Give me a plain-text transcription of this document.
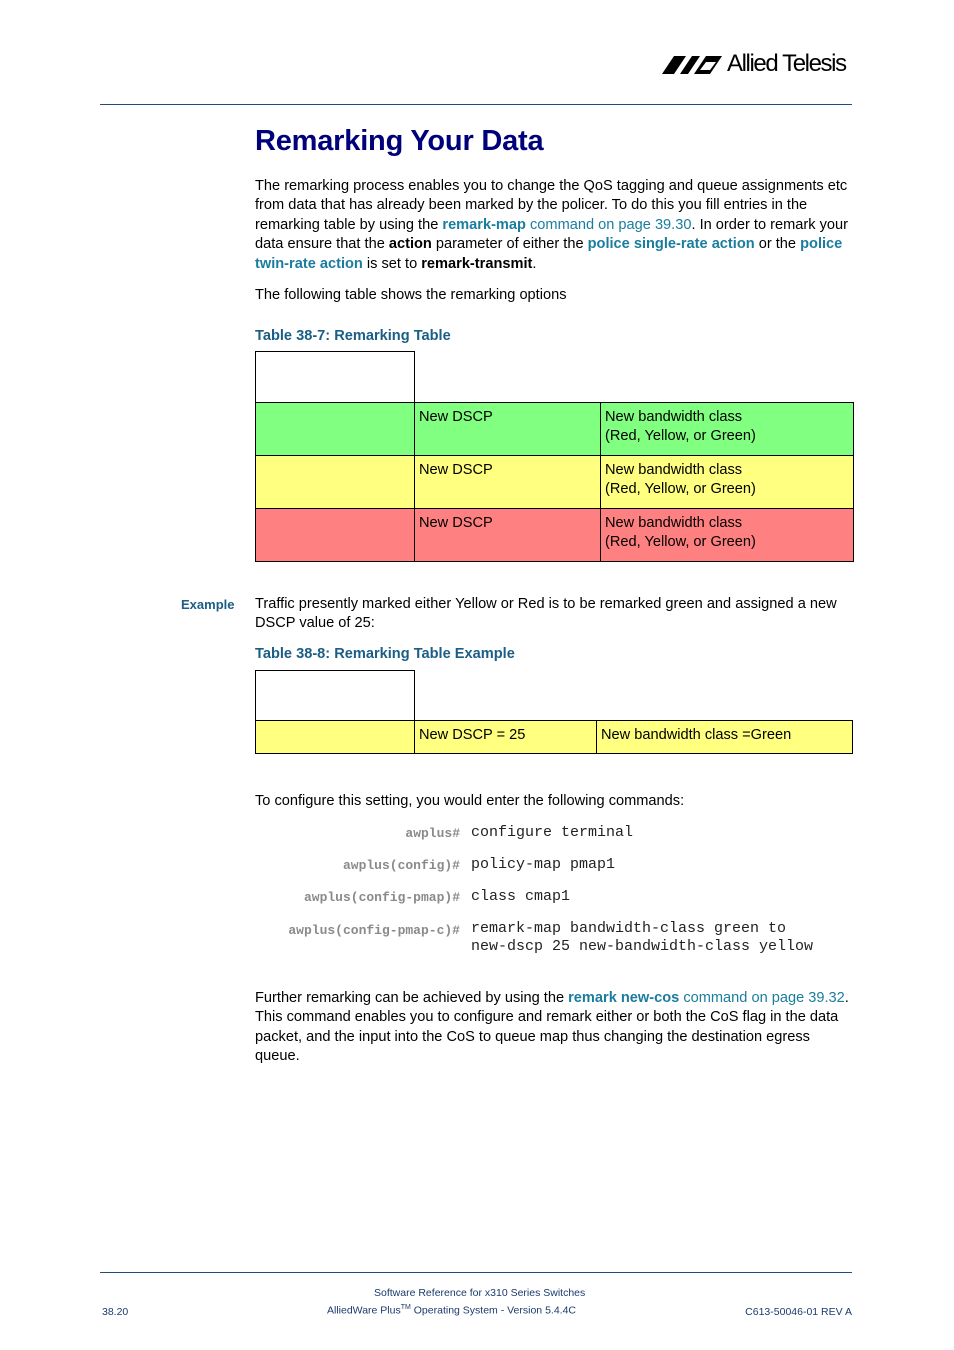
Allied Telesis
Remarking Your Data
The remarking process enables you to change the QoS tagging and queue assignments etc from data that has already been marked by the policer. To do this you fill entries in the remarking table by using the remark-map command on page 39.30. In order to remark your data ensure that the action parameter of either the police single-rate action or the police twin-rate action is set to remark-transmit.
The following table shows the remarking options
Table 38-7: Remarking Table

	New DSCP	New bandwidth class
(Red, Yellow, or Green)
	New DSCP	New bandwidth class
(Red, Yellow, or Green)
	New DSCP	New bandwidth class
(Red, Yellow, or Green)
Example Traffic presently marked either Yellow or Red is to be remarked green and assigned a new DSCP value of 25:
Table 38-8: Remarking Table Example

	New DSCP = 25	New bandwidth class =Green
To configure this setting, you would enter the following commands:
awplus# configure terminal
awplus(config)# policy-map pmap1
awplus(config-pmap)# class cmap1
awplus(config-pmap-c)# remark-map bandwidth-class green to
new-dscp 25 new-bandwidth-class yellow
Further remarking can be achieved by using the remark new-cos command on page 39.32. This command enables you to configure and remark either or both the CoS flag in the data packet, and the input into the CoS to queue map thus changing the destination egress queue.
Software Reference for x310 Series Switches
38.20	AlliedWare Plus™ Operating System - Version 5.4.4C	C613-50046-01 REV A
